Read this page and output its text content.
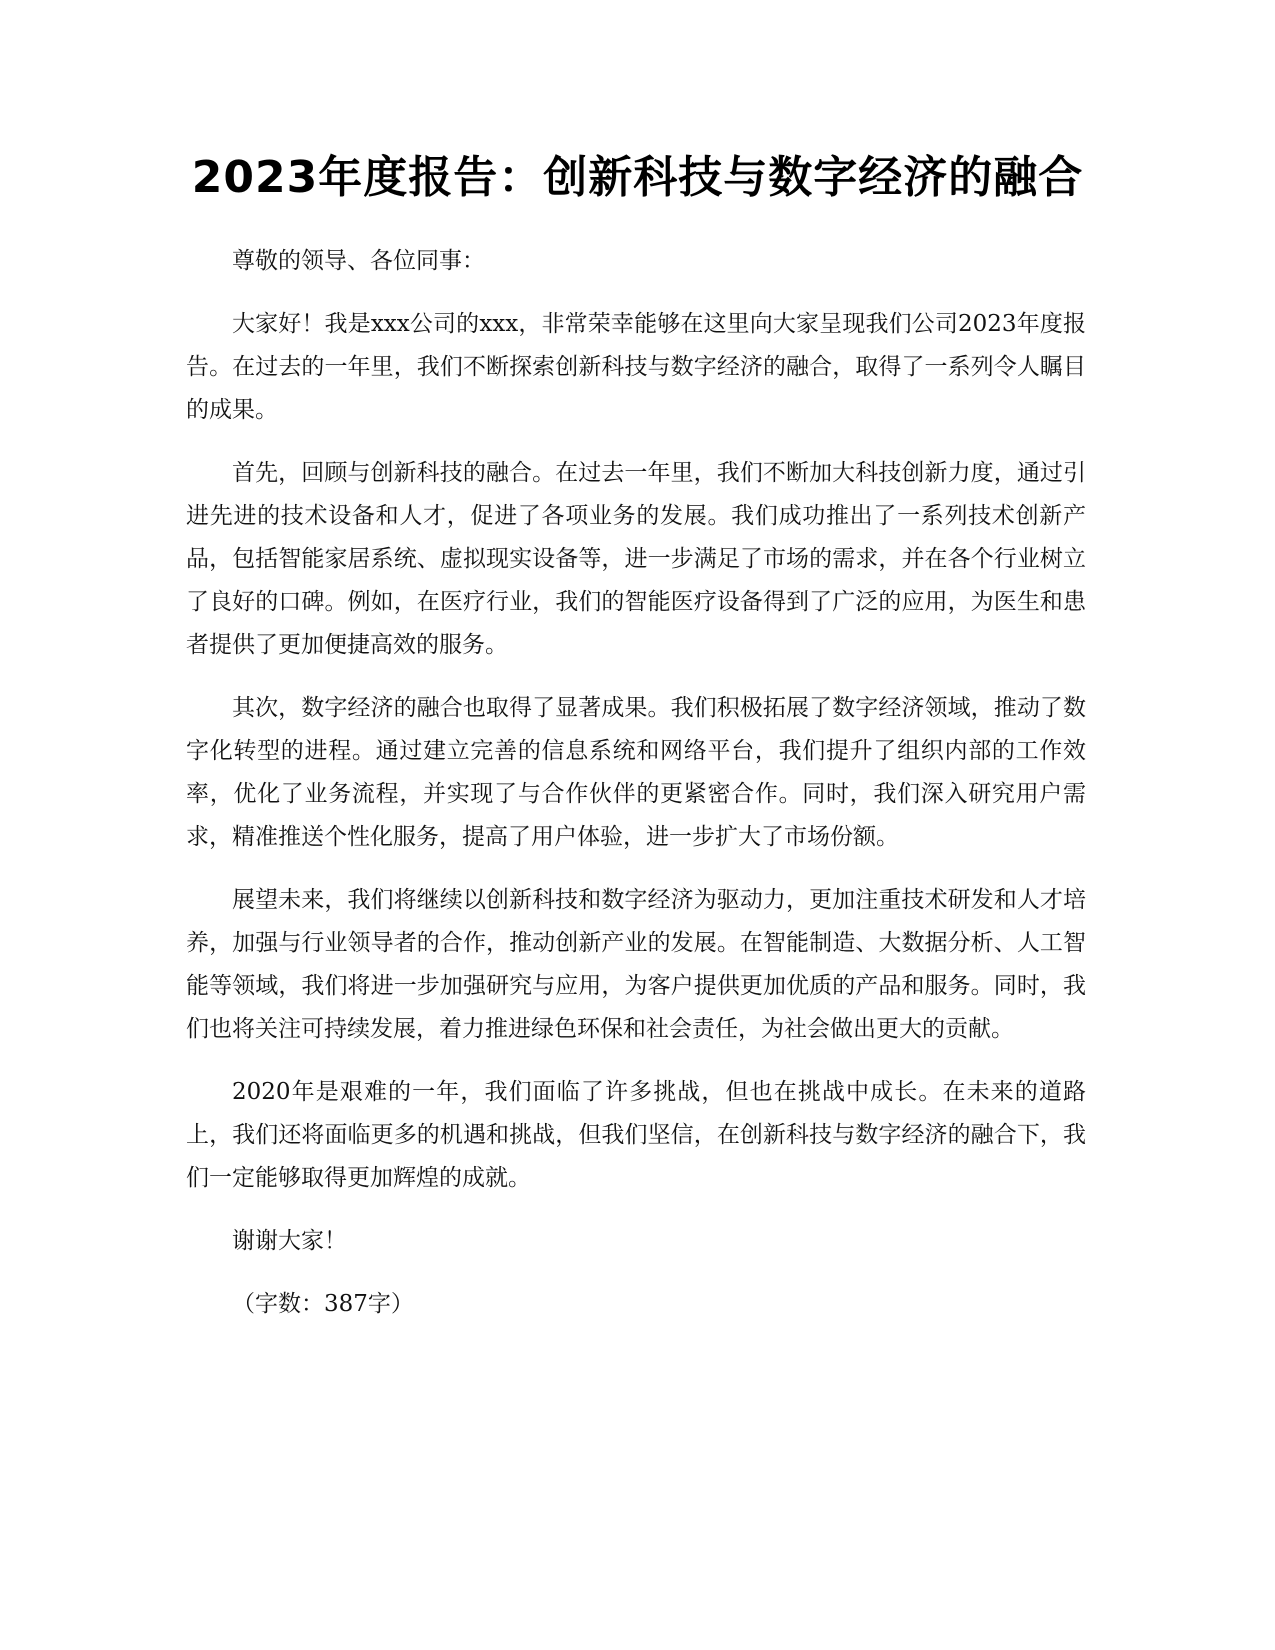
2023年度报告：创新科技与数字经济的融合

尊敬的领导、各位同事：

大家好！我是xxx公司的xxx，非常荣幸能够在这里向大家呈现我们公司2023年度报告。在过去的一年里，我们不断探索创新科技与数字经济的融合，取得了一系列令人瞩目的成果。

首先，回顾与创新科技的融合。在过去一年里，我们不断加大科技创新力度，通过引进先进的技术设备和人才，促进了各项业务的发展。我们成功推出了一系列技术创新产品，包括智能家居系统、虚拟现实设备等，进一步满足了市场的需求，并在各个行业树立了良好的口碑。例如，在医疗行业，我们的智能医疗设备得到了广泛的应用，为医生和患者提供了更加便捷高效的服务。

其次，数字经济的融合也取得了显著成果。我们积极拓展了数字经济领域，推动了数字化转型的进程。通过建立完善的信息系统和网络平台，我们提升了组织内部的工作效率，优化了业务流程，并实现了与合作伙伴的更紧密合作。同时，我们深入研究用户需求，精准推送个性化服务，提高了用户体验，进一步扩大了市场份额。

展望未来，我们将继续以创新科技和数字经济为驱动力，更加注重技术研发和人才培养，加强与行业领导者的合作，推动创新产业的发展。在智能制造、大数据分析、人工智能等领域，我们将进一步加强研究与应用，为客户提供更加优质的产品和服务。同时，我们也将关注可持续发展，着力推进绿色环保和社会责任，为社会做出更大的贡献。

2020年是艰难的一年，我们面临了许多挑战，但也在挑战中成长。在未来的道路上，我们还将面临更多的机遇和挑战，但我们坚信，在创新科技与数字经济的融合下，我们一定能够取得更加辉煌的成就。

谢谢大家！

（字数：387字）
